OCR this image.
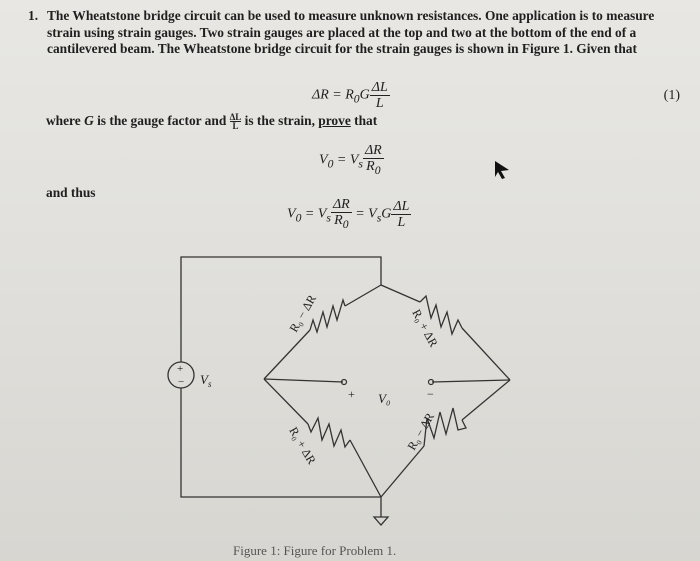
1. The Wheatstone bridge circuit can be used to measure unknown resistances. One application is to measure strain using strain gauges. Two strain gauges are placed at the top and two at the bottom of the end of a cantilevered beam. The Wheatstone bridge circuit for the strain gauges is shown in Figure 1. Given that
$\Delta R = R_0G \frac{\Delta L}{L}$	(1)
where G is the gauge factor and $\frac{\Delta L}{L}$ is the strain, prove that
$V_0 = V_s \frac{\Delta R}{R_0}$
and thus
$V_0 = V_s \frac{\Delta R}{R_0} = V_sG \frac{\Delta L}{L}$
+
− V s
R₀ − ΔR	R₀ + ΔR
R₀ + ΔR	R₀ − ΔR
+	−
V₀
Figure 1: Figure for Problem 1.
